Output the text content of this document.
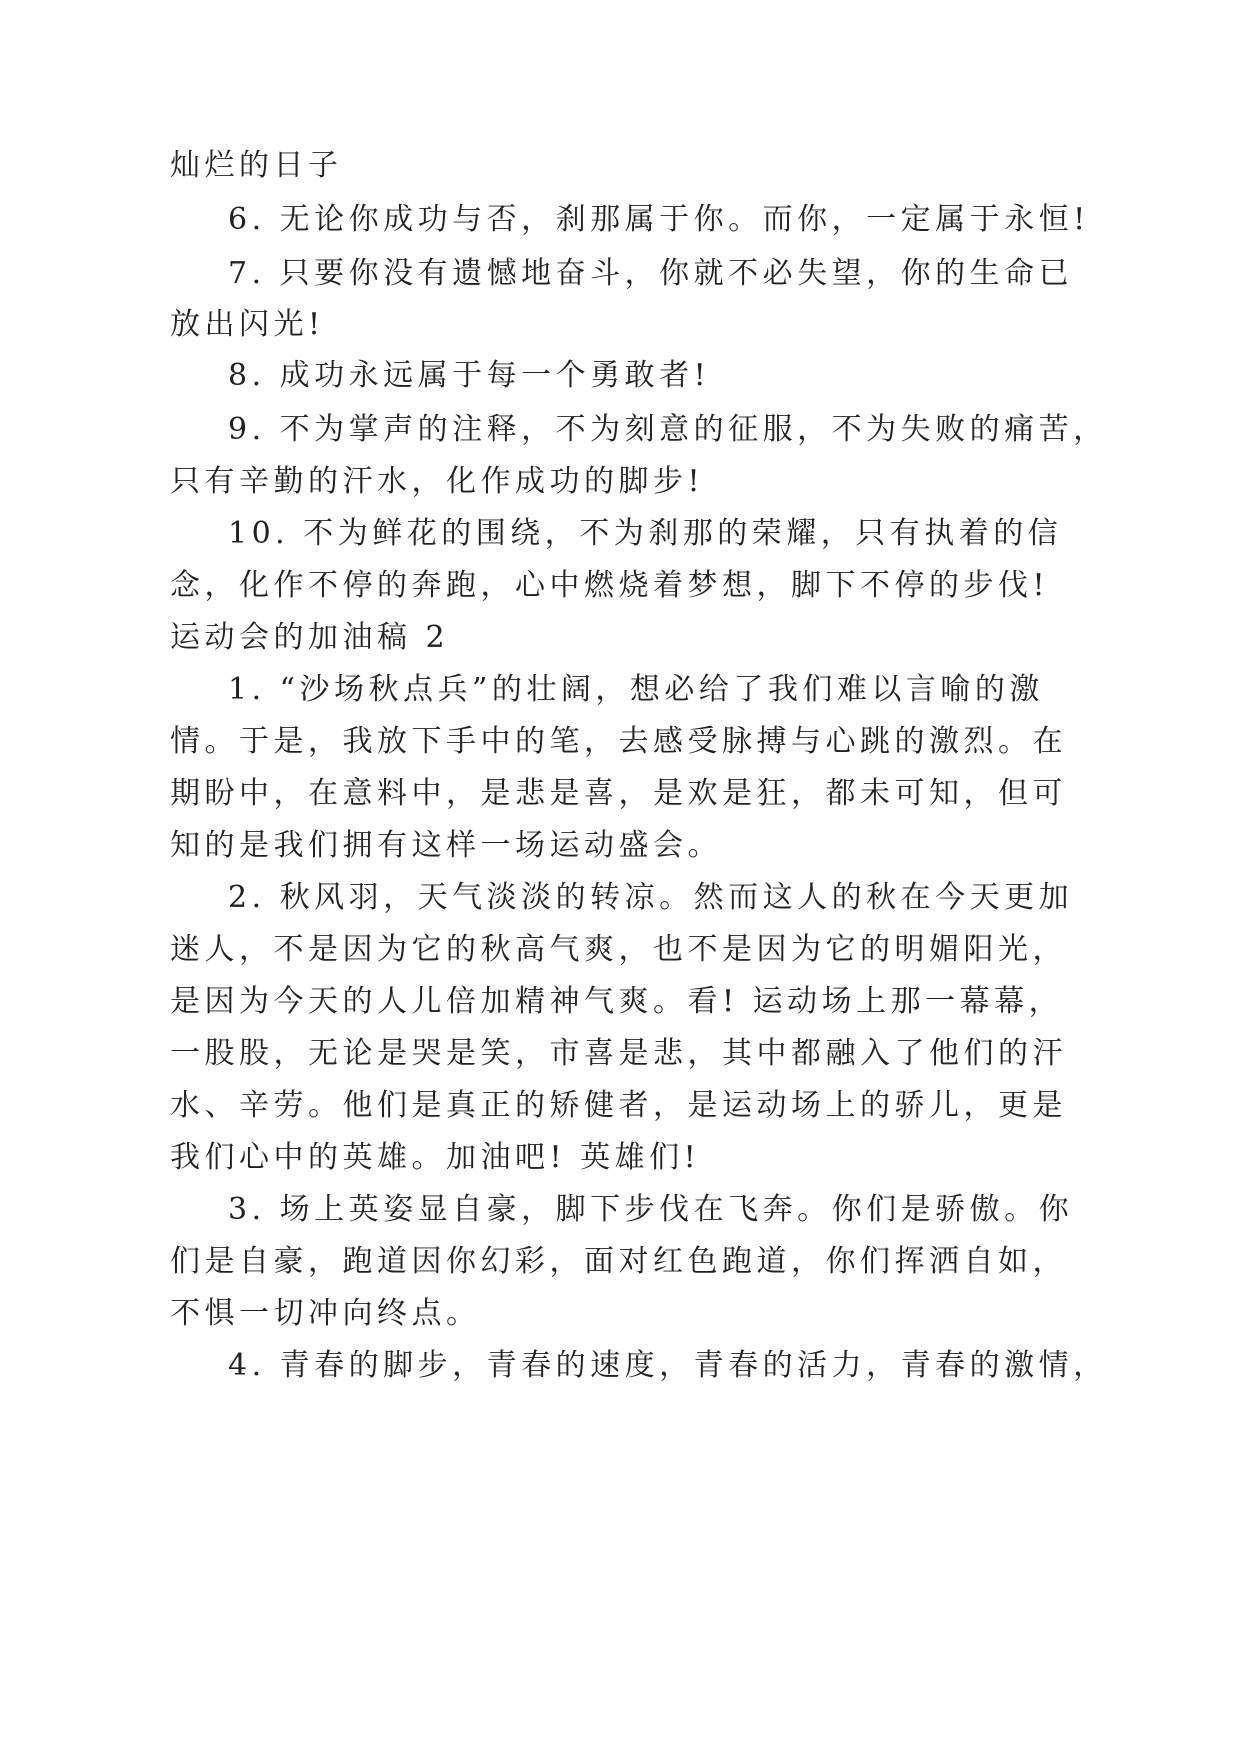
灿烂的日子

6. 无论你成功与否，刹那属于你。而你，一定属于永恒!

7. 只要你没有遗憾地奋斗，你就不必失望，你的生命已

放出闪光!

8. 成功永远属于每一个勇敢者!

9. 不为掌声的注释，不为刻意的征服，不为失败的痛苦，

只有辛勤的汗水，化作成功的脚步!

10. 不为鲜花的围绕，不为刹那的荣耀，只有执着的信

念，化作不停的奔跑，心中燃烧着梦想，脚下不停的步伐!

运动会的加油稿 2

1. “沙场秋点兵”的壮阔，想必给了我们难以言喻的激

情。于是，我放下手中的笔，去感受脉搏与心跳的激烈。在

期盼中，在意料中，是悲是喜，是欢是狂，都未可知，但可

知的是我们拥有这样一场运动盛会。

2. 秋风羽，天气淡淡的转凉。然而这人的秋在今天更加

迷人，不是因为它的秋高气爽，也不是因为它的明媚阳光，

是因为今天的人儿倍加精神气爽。看! 运动场上那一幕幕，

一股股，无论是哭是笑，市喜是悲，其中都融入了他们的汗

水、辛劳。他们是真正的矫健者，是运动场上的骄儿，更是

我们心中的英雄。加油吧! 英雄们!

3. 场上英姿显自豪，脚下步伐在飞奔。你们是骄傲。你

们是自豪，跑道因你幻彩，面对红色跑道，你们挥洒自如，

不惧一切冲向终点。

4. 青春的脚步，青春的速度，青春的活力，青春的激情，
